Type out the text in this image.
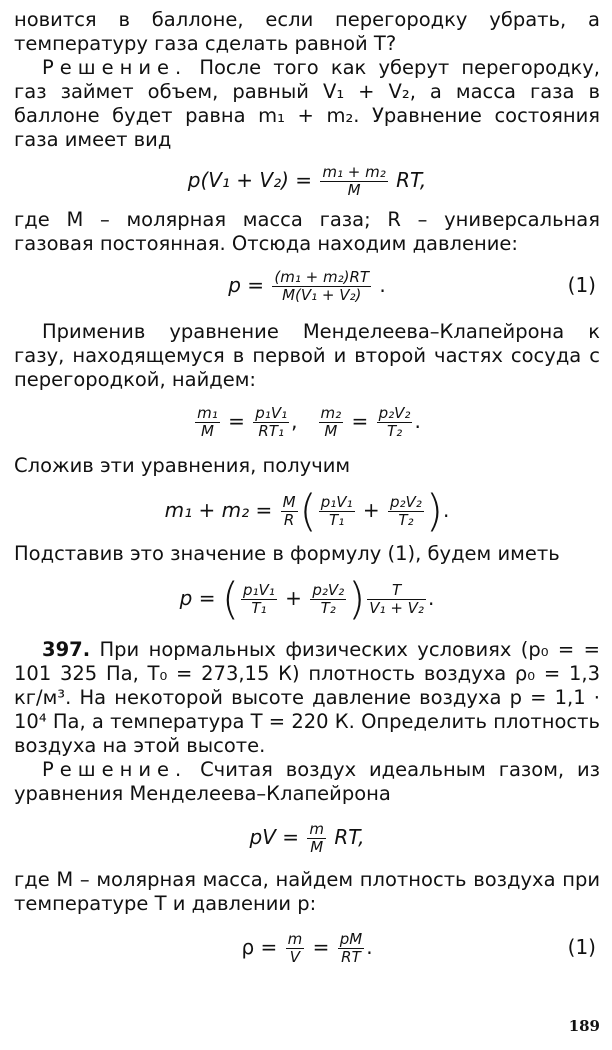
новится в баллоне, если перегородку убрать, а температуру газа сделать равной T?

Решение. После того как уберут перегородку, газ займет объем, равный V₁ + V₂, а масса газа в баллоне будет равна m₁ + m₂. Уравнение состояния газа имеет вид

$p(V_1 + V_2) = \frac{\text{m₁ + m₂}}{M}$ RT,

где M – молярная масса газа; R – универсальная газовая постоянная. Отсюда находим давление:

$p = \frac{\text{(m₁ + m₂)RT}}{\text{M(V₁ + V₂)}}$ .	(1)

Применив уравнение Менделеева–Клапейрона к газу, находящемуся в первой и второй частях сосуда с перегородкой, найдем:

$\frac{\text{m₁}}{M} = \frac{\text{p₁V₁}}{\text{RT₁}}$ , $\frac{\text{m₂}}{M} = \frac{\text{p₂V₂}}{\text{T₂}}$ .

Сложив эти уравнения, получим

$m_1 + m_2 = \frac{M}{R}$ ( $\frac{\text{p₁V₁}}{\text{T₁}} + \frac{\text{p₂V₂}}{\text{T₂}}$ ).

Подставив это значение в формулу (1), будем иметь

p = ( $\frac{\text{p₁V₁}}{\text{T₁}} + \frac{\text{p₂V₂}}{\text{T₂}}$ ) $\frac{T}{\text{V₁ + V₂}}$ .

397. При нормальных физических условиях (p₀ = = 101 325 Па, T₀ = 273,15 К) плотность воздуха ρ₀ = 1,3 кг/м³. На некоторой высоте давление воздуха p = 1,1 · 10⁴ Па, а температура T = 220 К. Определить плотность воздуха на этой высоте.

Решение. Считая воздух идеальным газом, из уравнения Менделеева–Клапейрона

pV = $\frac{m}{M}$ RT,

где M – молярная масса, найдем плотность воздуха при температуре T и давлении p:

$\rho = \frac{m}{V} = \frac{pM}{RT}$ .	(1)
189
